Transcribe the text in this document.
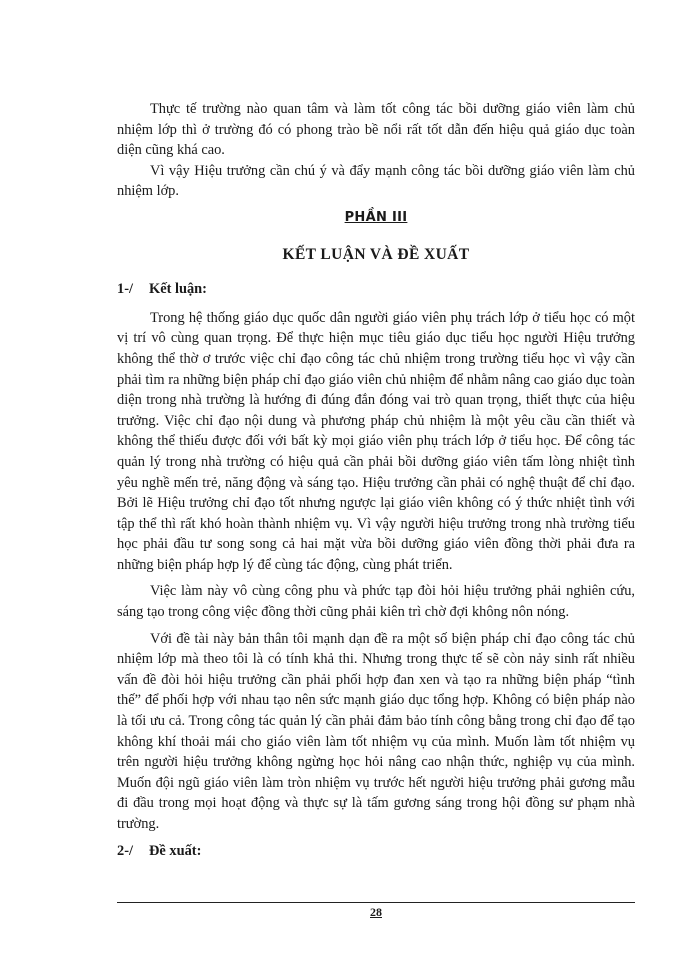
Thực tế trường nào quan tâm và làm tốt công tác bồi dưỡng giáo viên làm chủ nhiệm lớp thì ở trường đó có phong trào bề nổi rất tốt dẫn đến hiệu quả giáo dục toàn diện cũng khá cao.

Vì vậy Hiệu trưởng cần chú ý và đẩy mạnh công tác bồi dưỡng giáo viên làm chủ nhiệm lớp.

PHẦN III
KẾT LUẬN VÀ ĐỀ XUẤT
1-/ Kết luận:

Trong hệ thống giáo dục quốc dân người giáo viên phụ trách lớp ở tiểu học có một vị trí vô cùng quan trọng. Để thực hiện mục tiêu giáo dục tiểu học người Hiệu trưởng không thể thờ ơ trước việc chỉ đạo công tác chủ nhiệm trong trường tiểu học vì vậy cần phải tìm ra những biện pháp chỉ đạo giáo viên chủ nhiệm để nhằm nâng cao giáo dục toàn diện trong nhà trường là hướng đi đúng đắn đóng vai trò quan trọng, thiết thực của hiệu trưởng. Việc chỉ đạo nội dung và phương pháp chủ nhiệm là một yêu cầu cần thiết và không thể thiếu được đối với bất kỳ mọi giáo viên phụ trách lớp ở tiểu học. Để công tác quản lý trong nhà trường có hiệu quả cần phải bồi dưỡng giáo viên tấm lòng nhiệt tình yêu nghề mến trẻ, năng động và sáng tạo. Hiệu trưởng cần phải có nghệ thuật để chỉ đạo. Bởi lẽ Hiệu trưởng chỉ đạo tốt nhưng ngược lại giáo viên không có ý thức nhiệt tình với tập thể thì rất khó hoàn thành nhiệm vụ. Vì vậy người hiệu trưởng trong nhà trường tiểu học phải đầu tư song song cả hai mặt vừa bồi dưỡng giáo viên đồng thời phải đưa ra những biện pháp hợp lý để cùng tác động, cùng phát triển.

Việc làm này vô cùng công phu và phức tạp đòi hỏi hiệu trưởng phải nghiên cứu, sáng tạo trong công việc đồng thời cũng phải kiên trì chờ đợi không nôn nóng.

Với đề tài này bản thân tôi mạnh dạn đề ra một số biện pháp chỉ đạo công tác chủ nhiệm lớp mà theo tôi là có tính khả thi. Nhưng trong thực tế sẽ còn nảy sinh rất nhiều vấn đề đòi hỏi hiệu trưởng cần phải phối hợp đan xen và tạo ra những biện pháp “tình thế” để phối hợp với nhau tạo nên sức mạnh giáo dục tổng hợp. Không có biện pháp nào là tối ưu cả. Trong công tác quản lý cần phải đảm bảo tính công bằng trong chỉ đạo để tạo không khí thoải mái cho giáo viên làm tốt nhiệm vụ của mình. Muốn làm tốt nhiệm vụ trên người hiệu trưởng không ngừng học hỏi nâng cao nhận thức, nghiệp vụ của mình. Muốn đội ngũ giáo viên làm tròn nhiệm vụ trước hết người hiệu trưởng phải gương mẫu đi đầu trong mọi hoạt động và thực sự là tấm gương sáng trong hội đồng sư phạm nhà trường.

2-/ Đề xuất:
28
